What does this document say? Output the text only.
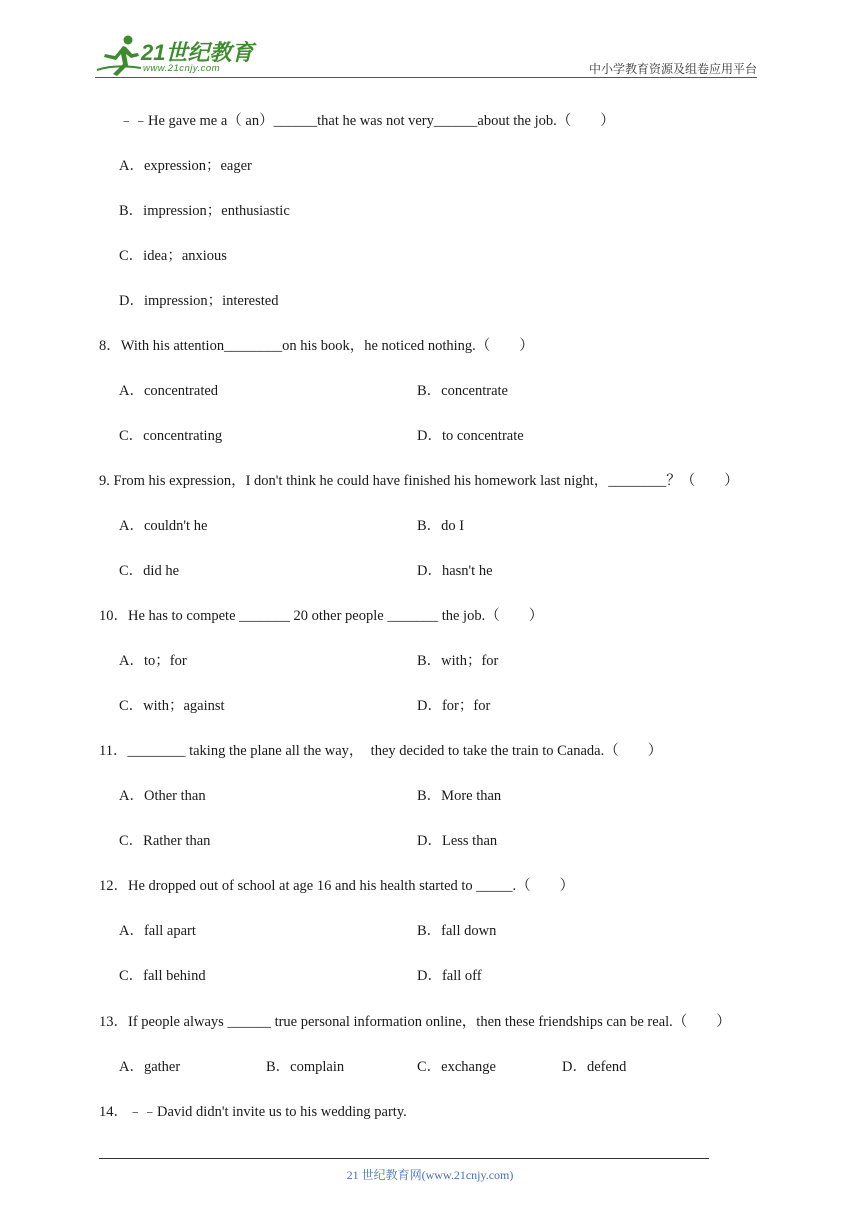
21世纪教育
www.21cnjy.com	中小学教育资源及组卷应用平台
﹣﹣He gave me a（ an）______that he was not very______about the job.（　　）
A．expression；eager
B．impression；enthusiastic
C．idea；anxious
D．impression；interested
8．With his attention________on his book，he noticed nothing.（　　）
A．concentrated	B．concentrate
C．concentrating	D．to concentrate
9. From his expression，I don't think he could have finished his homework last night，________？（　　）
A．couldn't he	B．do I
C．did he	D．hasn't he
10．He has to compete _______ 20 other people _______ the job.（　　）
A．to；for	B．with；for
C．with；against	D．for；for
11．________ taking the plane all the way，  they decided to take the train to Canada.（　　）
A．Other than	B．More than
C．Rather than	D．Less than
12．He dropped out of school at age 16 and his health started to _____.（　　）
A．fall apart	B．fall down
C．fall behind	D．fall off
13．If people always ______ true personal information online，then these friendships can be real.（　　）
A．gather	B．complain	C．exchange	D．defend
14．﹣﹣David didn't invite us to his wedding party.
21 世纪教育网(www.21cnjy.com)
